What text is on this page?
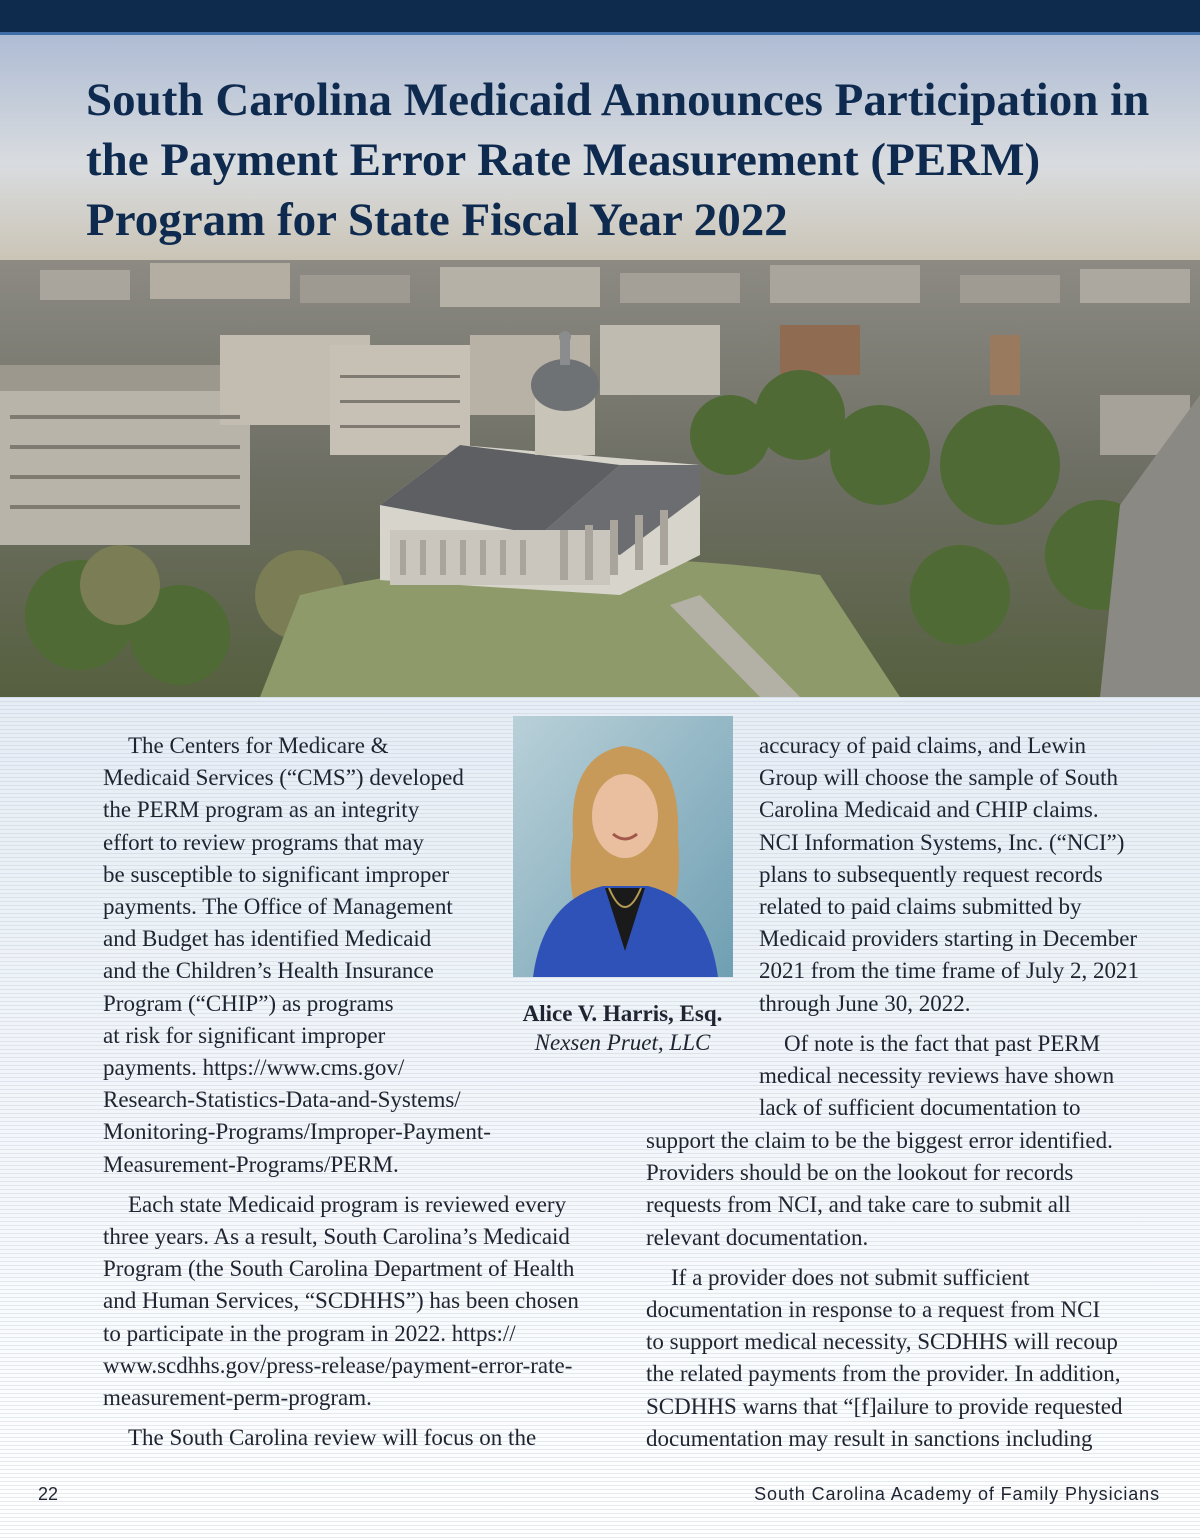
South Carolina Medicaid Announces Participation in the Payment Error Rate Measurement (PERM) Program for State Fiscal Year 2022

The Centers for Medicare &
Medicaid Services (“CMS”) developed
the PERM program as an integrity
effort to review programs that may
be susceptible to significant improper
payments. The Office of Management
and Budget has identified Medicaid
and the Children’s Health Insurance
Program (“CHIP”) as programs
at risk for significant improper
payments. https://www.cms.gov/
Research-Statistics-Data-and-Systems/
Monitoring-Programs/Improper-Payment-
Measurement-Programs/PERM.

Each state Medicaid program is reviewed every
three years. As a result, South Carolina’s Medicaid
Program (the South Carolina Department of Health
and Human Services, “SCDHHS”) has been chosen
to participate in the program in 2022. https://
www.scdhhs.gov/press-release/payment-error-rate-
measurement-perm-program.

The South Carolina review will focus on the

Alice V. Harris, Esq.

Nexsen Pruet, LLC

accuracy of paid claims, and Lewin
Group will choose the sample of South
Carolina Medicaid and CHIP claims.
NCI Information Systems, Inc. (“NCI”)
plans to subsequently request records
related to paid claims submitted by
Medicaid providers starting in December
2021 from the time frame of July 2, 2021
through June 30, 2022.

Of note is the fact that past PERM
medical necessity reviews have shown
lack of sufficient documentation to

support the claim to be the biggest error identified.
Providers should be on the lookout for records
requests from NCI, and take care to submit all
relevant documentation.

If a provider does not submit sufficient
documentation in response to a request from NCI
to support medical necessity, SCDHHS will recoup
the related payments from the provider. In addition,
SCDHHS warns that “[f]ailure to provide requested
documentation may result in sanctions including

22	South Carolina Academy of Family Physicians
